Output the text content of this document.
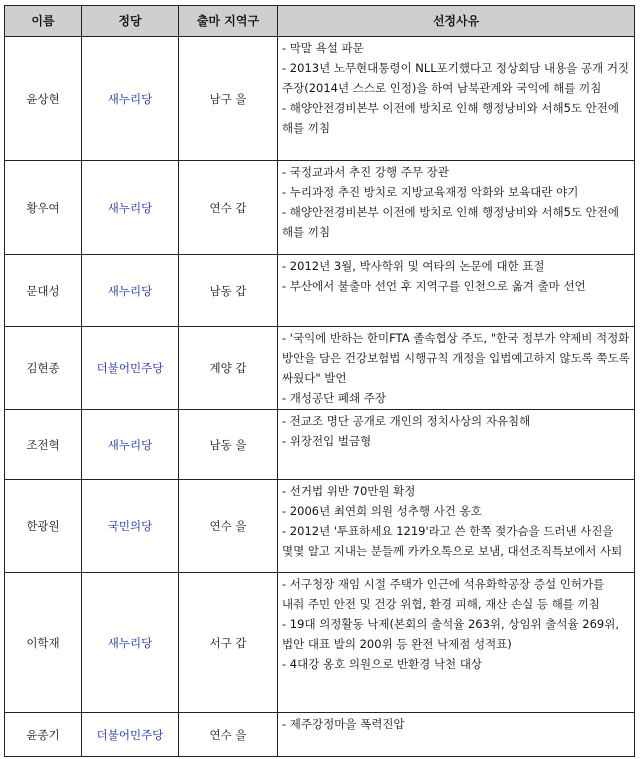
이름	정당	출마 지역구	선정사유
윤상현	새누리당	남구 을	- 막말 욕설 파문
- 2013년 노무현대통령이 NLL포기했다고 정상회담 내용을 공개 거짓 주장(2014년 스스로 인정)을 하여 남북관계와 국익에 해를 끼침
- 해양안전경비본부 이전에 방치로 인해 행정낭비와 서해5도 안전에 해를 끼침

황우여	새누리당	연수 갑	- 국정교과서 추진 강행 주무 장관
- 누리과정 추진 방치로 지방교육재정 악화와 보육대란 야기
- 해양안전경비본부 이전에 방치로 인해 행정낭비와 서해5도 안전에 해를 끼침

문대성	새누리당	남동 갑	- 2012년 3월, 박사학위 및 여타의 논문에 대한 표절
- 부산에서 불출마 선언 후 지역구를 인천으로 옮겨 출마 선언

김현종	더불어민주당	계양 갑	- '국익에 반하는 한미FTA 졸속협상 주도, "한국 정부가 약제비 적정화 방안을 담은 건강보험법 시행규칙 개정을 입법예고하지 않도록 쭉도록 싸웠다" 발언
- 개성공단 폐쇄 주장

조전혁	새누리당	남동 을	- 전교조 명단 공개로 개인의 정치사상의 자유침해
- 위장전입 벌금형

한광원	국민의당	연수 을	- 선거법 위반 70만원 확정
- 2006년 최연희 의원 성추행 사건 옹호
- 2012년 '투표하세요 1219'라고 쓴 한쪽 젖가슴을 드러낸 사진을 몇몇 알고 지내는 분들께 카카오톡으로 보냄, 대선조직특보에서 사퇴

이학재	새누리당	서구 갑	- 서구청장 재임 시절 주택가 인근에 석유화학공장 증설 인허가를 내줘 주민 안전 및 건강 위협, 환경 피해, 재산 손실 등 해를 끼침
- 19대 의정활동 낙제(본회의 출석율 263위, 상임위 출석율 269위, 법안 대표 발의 200위 등 완전 낙제점 성적표)
- 4대강 옹호 의원으로 반환경 낙천 대상

윤종기	더불어민주당	연수 을	- 제주강정마을 폭력진압
